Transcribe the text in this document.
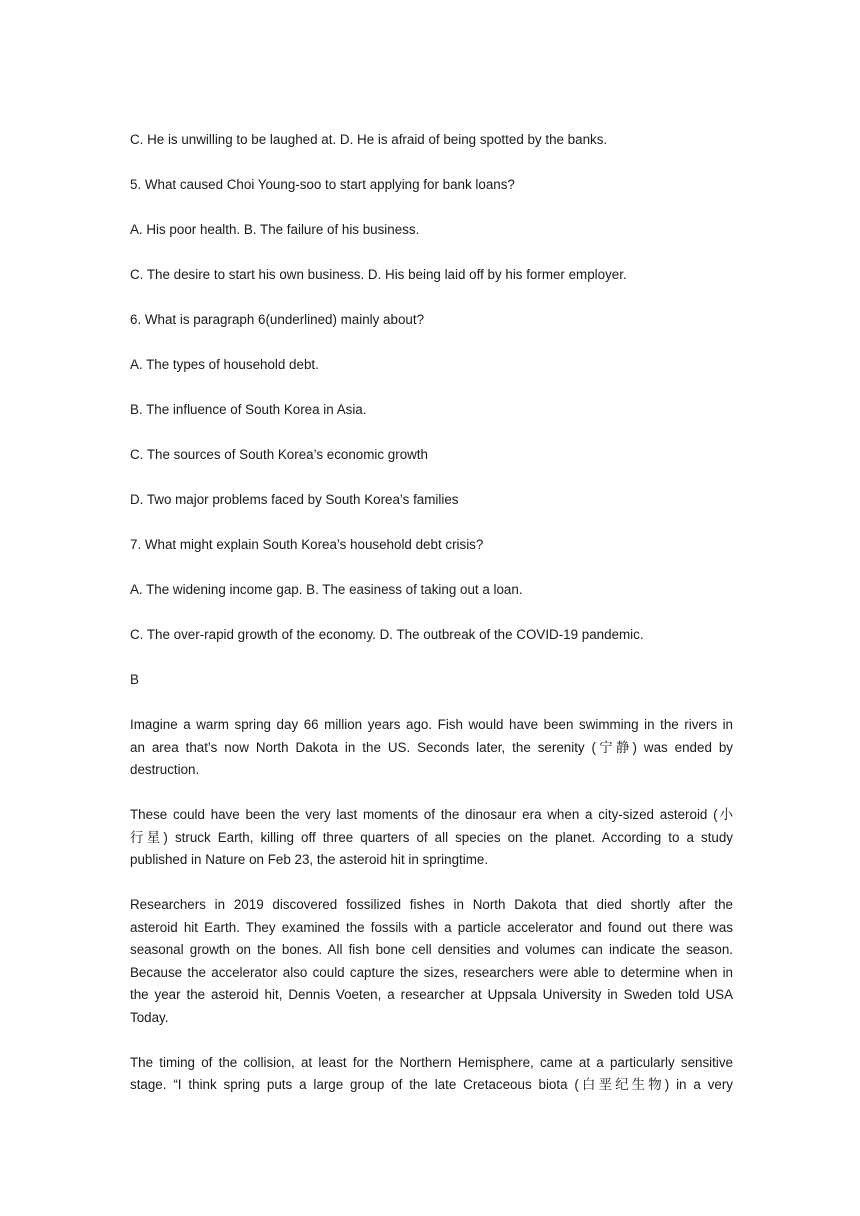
C. He is unwilling to be laughed at. D. He is afraid of being spotted by the banks.

5. What caused Choi Young-soo to start applying for bank loans?

A. His poor health. B. The failure of his business.

C. The desire to start his own business. D. His being laid off by his former employer.

6. What is paragraph 6(underlined) mainly about?

A. The types of household debt.

B. The influence of South Korea in Asia.

C. The sources of South Korea’s economic growth

D. Two major problems faced by South Korea’s families

7. What might explain South Korea’s household debt crisis?

A. The widening income gap. B. The easiness of taking out a loan.

C. The over-rapid growth of the economy. D. The outbreak of the COVID-19 pandemic.

B

Imagine a warm spring day 66 million years ago. Fish would have been swimming in the rivers in
an area that’s now North Dakota in the US. Seconds later, the serenity (宁静) was ended by
destruction.
These could have been the very last moments of the dinosaur era when a city-sized asteroid (小
行星) struck Earth, killing off three quarters of all species on the planet. According to a study
published in Nature on Feb 23, the asteroid hit in springtime.
Researchers in 2019 discovered fossilized fishes in North Dakota that died shortly after the
asteroid hit Earth. They examined the fossils with a particle accelerator and found out there was
seasonal growth on the bones. All fish bone cell densities and volumes can indicate the season.
Because the accelerator also could capture the sizes, researchers were able to determine when in
the year the asteroid hit, Dennis Voeten, a researcher at Uppsala University in Sweden told USA
Today.
The timing of the collision, at least for the Northern Hemisphere, came at a particularly sensitive
stage. “I think spring puts a large group of the late Cretaceous biota (白垩纪生物) in a very
